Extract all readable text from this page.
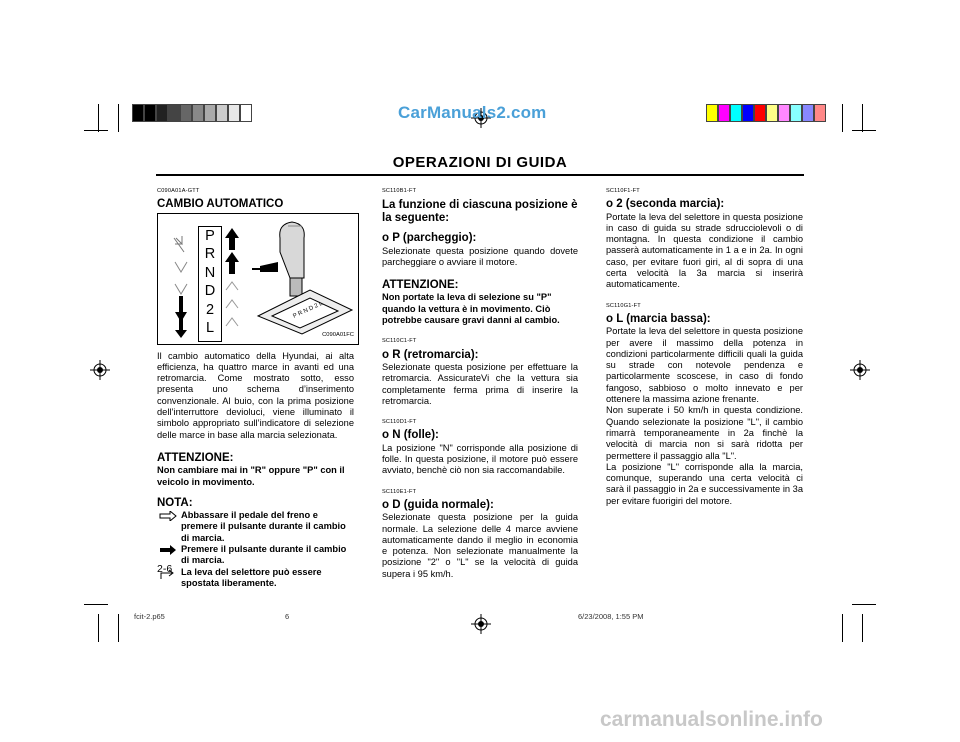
CarManuals2.com
carmanualsonline.info
OPERAZIONI DI GUIDA
C090A01A-GTT
CAMBIO AUTOMATICO
P
R
N
D
2
L
P R N D 2 L
C090A01FC

Il cambio automatico della Hyundai, ai alta efficienza, ha quattro marce in avanti ed una retromarcia. Come mostrato sotto, esso presenta uno schema d’inserimento convenzionale. Al buio, con la prima posizione dell’interruttore devioluci, viene illuminato il simbolo appropriato sull’indicatore di selezione delle marce in base alla marcia selezionata.

ATTENZIONE:

Non cambiare mai in "R" oppure "P" con il veicolo in movimento.

NOTA:

Abbassare il pedale del freno e premere il pulsante durante il cambio di marcia.

Premere il pulsante durante il cambio di marcia.

La leva del selettore può essere spostata liberamente.

2-6
SC110B1-FT
La funzione di ciascuna posizione è la seguente:
o P (parcheggio):

Selezionate questa posizione quando dovete parcheggiare o avviare il motore.

ATTENZIONE:

Non portate la leva di selezione su "P" quando la vettura è in movimento. Ciò potrebbe causare gravi danni al cambio.

SC110C1-FT
o R (retromarcia):

Selezionate questa posizione per effettuare la retromarcia. AssicurateVi che la vettura sia completamente ferma prima di inserire la retromarcia.

SC110D1-FT
o N (folle):

La posizione "N" corrisponde alla posizione di folle. In questa posizione, il motore può essere avviato, benchè ciò non sia raccomandabile.

SC110E1-FT
o D (guida normale):

Selezionate questa posizione per la guida normale. La selezione delle 4 marce avviene automaticamente dando il meglio in economia e potenza. Non selezionate manualmente la posizione "2" o "L" se la velocità di guida supera i 95 km/h.

SC110F1-FT
o 2 (seconda marcia):

Portate la leva del selettore in questa posizione in caso di guida su strade sdrucciolevoli o di montagna. In questa condizione il cambio passerà automaticamente in 1 a e in 2a. In ogni caso, per evitare fuori giri, al di sopra di una certa velocità la 3a marcia si inserirà automaticamente.

SC110G1-FT
o L (marcia bassa):

Portate la leva del selettore in questa posizione per avere il massimo della potenza in condizioni particolarmente difficili quali la guida su strade con notevole pendenza e particolarmente scoscese, in caso di fondo fangoso, sabbioso o molto innevato e per ottenere la massima azione frenante.

Non superate i 50 km/h in questa condizione. Quando selezionate la posizione "L", il cambio rimarrà temporaneamente in 2a finchè la velocità di marcia non si sarà ridotta per permettere il passaggio alla "L".

La posizione "L" corrisponde alla la marcia, comunque, superando una certa velocità ci sarà il passaggio in 2a e successivamente in 3a per evitare fuorigiri del motore.

fcit-2.p65	6	6/23/2008, 1:55 PM
